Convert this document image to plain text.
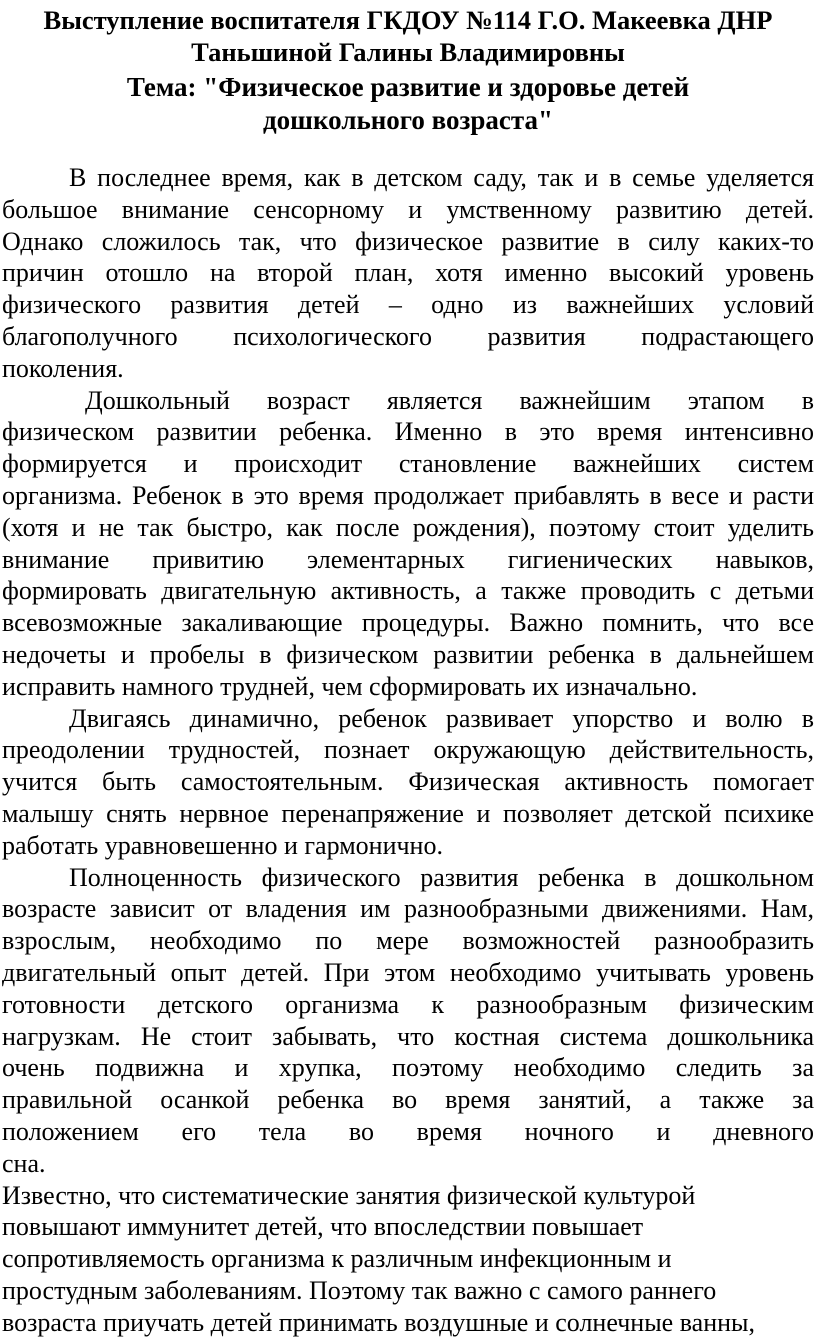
Выступление воспитателя ГКДОУ №114 Г.О. Макеевка ДНР
Таньшиной Галины Владимировны
Тема: "Физическое развитие и здоровье детей
дошкольного возраста"
В последнее время, как в детском саду, так и в семье уделяется
большое внимание сенсорному и умственному развитию детей.
Однако сложилось так, что физическое развитие в силу каких-то
причин отошло на второй план, хотя именно высокий уровень
физического развития детей – одно из важнейших условий
благополучного психологического развития подрастающего
поколения.
Дошкольный возраст является важнейшим этапом в
физическом развитии ребенка. Именно в это время интенсивно
формируется и происходит становление важнейших систем
организма. Ребенок в это время продолжает прибавлять в весе и расти
(хотя и не так быстро, как после рождения), поэтому стоит уделить
внимание привитию элементарных гигиенических навыков,
формировать двигательную активность, а также проводить с детьми
всевозможные закаливающие процедуры. Важно помнить, что все
недочеты и пробелы в физическом развитии ребенка в дальнейшем
исправить намного трудней, чем сформировать их изначально.
Двигаясь динамично, ребенок развивает упорство и волю в
преодолении трудностей, познает окружающую действительность,
учится быть самостоятельным. Физическая активность помогает
малышу снять нервное перенапряжение и позволяет детской психике
работать уравновешенно и гармонично.
Полноценность физического развития ребенка в дошкольном
возрасте зависит от владения им разнообразными движениями. Нам,
взрослым, необходимо по мере возможностей разнообразить
двигательный опыт детей. При этом необходимо учитывать уровень
готовности детского организма к разнообразным физическим
нагрузкам. Не стоит забывать, что костная система дошкольника
очень подвижна и хрупка, поэтому необходимо следить за
правильной осанкой ребенка во время занятий, а также за
положением его тела во время ночного и дневного
сна.
Известно, что систематические занятия физической культурой
повышают иммунитет детей, что впоследствии повышает
сопротивляемость организма к различным инфекционным и
простудным заболеваниям. Поэтому так важно с самого раннего
возраста приучать детей принимать воздушные и солнечные ванны,
